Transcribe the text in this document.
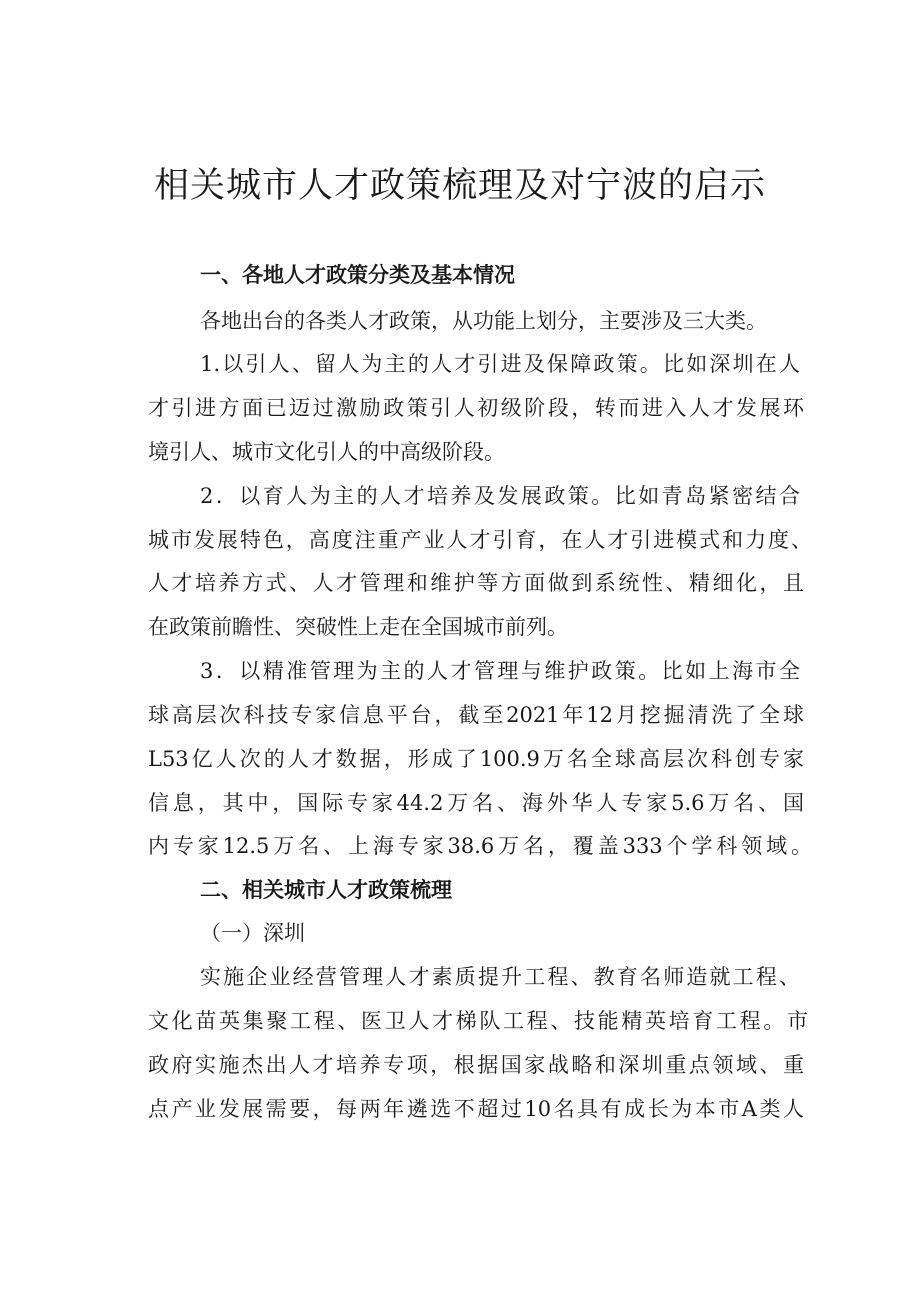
相关城市人才政策梳理及对宁波的启示
一、各地人才政策分类及基本情况

各地出台的各类人才政策，从功能上划分，主要涉及三大类。

1.以引人、留人为主的人才引进及保障政策。比如深圳在人

才引进方面已迈过激励政策引人初级阶段，转而进入人才发展环

境引人、城市文化引人的中高级阶段。

2．以育人为主的人才培养及发展政策。比如青岛紧密结合

城市发展特色，高度注重产业人才引育，在人才引进模式和力度、

人才培养方式、人才管理和维护等方面做到系统性、精细化，且

在政策前瞻性、突破性上走在全国城市前列。

3．以精准管理为主的人才管理与维护政策。比如上海市全

球高层次科技专家信息平台，截至2021年12月挖掘清洗了全球

L53亿人次的人才数据，形成了100.9万名全球高层次科创专家

信息，其中，国际专家44.2万名、海外华人专家5.6万名、国

内专家12.5万名、上海专家38.6万名，覆盖333个学科领域。

二、相关城市人才政策梳理

（一）深圳

实施企业经营管理人才素质提升工程、教育名师造就工程、

文化苗英集聚工程、医卫人才梯队工程、技能精英培育工程。市

政府实施杰出人才培养专项，根据国家战略和深圳重点领域、重

点产业发展需要，每两年遴选不超过10名具有成长为本市A类人
